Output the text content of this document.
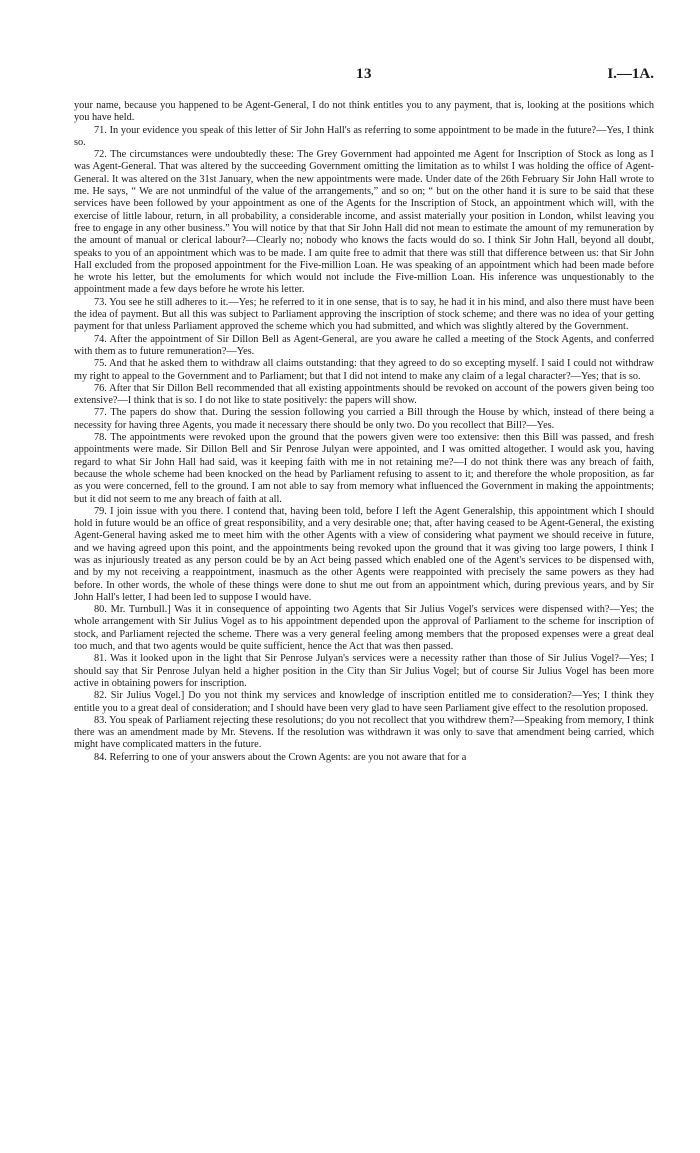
13	I.—1A.

your name, because you happened to be Agent-General, I do not think entitles you to any payment, that is, looking at the positions which you have held.

71. In your evidence you speak of this letter of Sir John Hall's as referring to some appointment to be made in the future?—Yes, I think so.

72. The circumstances were undoubtedly these: The Grey Government had appointed me Agent for Inscription of Stock as long as I was Agent-General. That was altered by the succeeding Government omitting the limitation as to whilst I was holding the office of Agent-General. It was altered on the 31st January, when the new appointments were made. Under date of the 26th February Sir John Hall wrote to me. He says, “ We are not unmindful of the value of the arrangements,” and so on; “ but on the other hand it is sure to be said that these services have been followed by your appointment as one of the Agents for the Inscription of Stock, an appointment which will, with the exercise of little labour, return, in all probability, a considerable income, and assist materially your position in London, whilst leaving you free to engage in any other business.” You will notice by that that Sir John Hall did not mean to estimate the amount of my remuneration by the amount of manual or clerical labour?—Clearly no; nobody who knows the facts would do so. I think Sir John Hall, beyond all doubt, speaks to you of an appointment which was to be made. I am quite free to admit that there was still that difference between us: that Sir John Hall excluded from the proposed appointment for the Five-million Loan. He was speaking of an appointment which had been made before he wrote his letter, but the emoluments for which would not include the Five-million Loan. His inference was unquestionably to the appointment made a few days before he wrote his letter.

73. You see he still adheres to it.—Yes; he referred to it in one sense, that is to say, he had it in his mind, and also there must have been the idea of payment. But all this was subject to Parliament approving the inscription of stock scheme; and there was no idea of your getting payment for that unless Parliament approved the scheme which you had submitted, and which was slightly altered by the Government.

74. After the appointment of Sir Dillon Bell as Agent-General, are you aware he called a meeting of the Stock Agents, and conferred with them as to future remuneration?—Yes.

75. And that he asked them to withdraw all claims outstanding: that they agreed to do so excepting myself. I said I could not withdraw my right to appeal to the Government and to Parliament; but that I did not intend to make any claim of a legal character?—Yes; that is so.

76. After that Sir Dillon Bell recommended that all existing appointments should be revoked on account of the powers given being too extensive?—I think that is so. I do not like to state positively: the papers will show.

77. The papers do show that. During the session following you carried a Bill through the House by which, instead of there being a necessity for having three Agents, you made it necessary there should be only two. Do you recollect that Bill?—Yes.

78. The appointments were revoked upon the ground that the powers given were too extensive: then this Bill was passed, and fresh appointments were made. Sir Dillon Bell and Sir Penrose Julyan were appointed, and I was omitted altogether. I would ask you, having regard to what Sir John Hall had said, was it keeping faith with me in not retaining me?—I do not think there was any breach of faith, because the whole scheme had been knocked on the head by Parliament refusing to assent to it; and therefore the whole proposition, as far as you were concerned, fell to the ground. I am not able to say from memory what influenced the Government in making the appointments; but it did not seem to me any breach of faith at all.

79. I join issue with you there. I contend that, having been told, before I left the Agent Generalship, this appointment which I should hold in future would be an office of great responsibility, and a very desirable one; that, after having ceased to be Agent-General, the existing Agent-General having asked me to meet him with the other Agents with a view of considering what payment we should receive in future, and we having agreed upon this point, and the appointments being revoked upon the ground that it was giving too large powers, I think I was as injuriously treated as any person could be by an Act being passed which enabled one of the Agent's services to be dispensed with, and by my not receiving a reappointment, inasmuch as the other Agents were reappointed with precisely the same powers as they had before. In other words, the whole of these things were done to shut me out from an appointment which, during previous years, and by Sir John Hall's letter, I had been led to suppose I would have.

80. Mr. Turnbull.] Was it in consequence of appointing two Agents that Sir Julius Vogel's services were dispensed with?—Yes; the whole arrangement with Sir Julius Vogel as to his appointment depended upon the approval of Parliament to the scheme for inscription of stock, and Parliament rejected the scheme. There was a very general feeling among members that the proposed expenses were a great deal too much, and that two agents would be quite sufficient, hence the Act that was then passed.

81. Was it looked upon in the light that Sir Penrose Julyan's services were a necessity rather than those of Sir Julius Vogel?—Yes; I should say that Sir Penrose Julyan held a higher position in the City than Sir Julius Vogel; but of course Sir Julius Vogel has been more active in obtaining powers for inscription.

82. Sir Julius Vogel.] Do you not think my services and knowledge of inscription entitled me to consideration?—Yes; I think they entitle you to a great deal of consideration; and I should have been very glad to have seen Parliament give effect to the resolution proposed.

83. You speak of Parliament rejecting these resolutions; do you not recollect that you withdrew them?—Speaking from memory, I think there was an amendment made by Mr. Stevens. If the resolution was withdrawn it was only to save that amendment being carried, which might have complicated matters in the future.

84. Referring to one of your answers about the Crown Agents: are you not aware that for a
